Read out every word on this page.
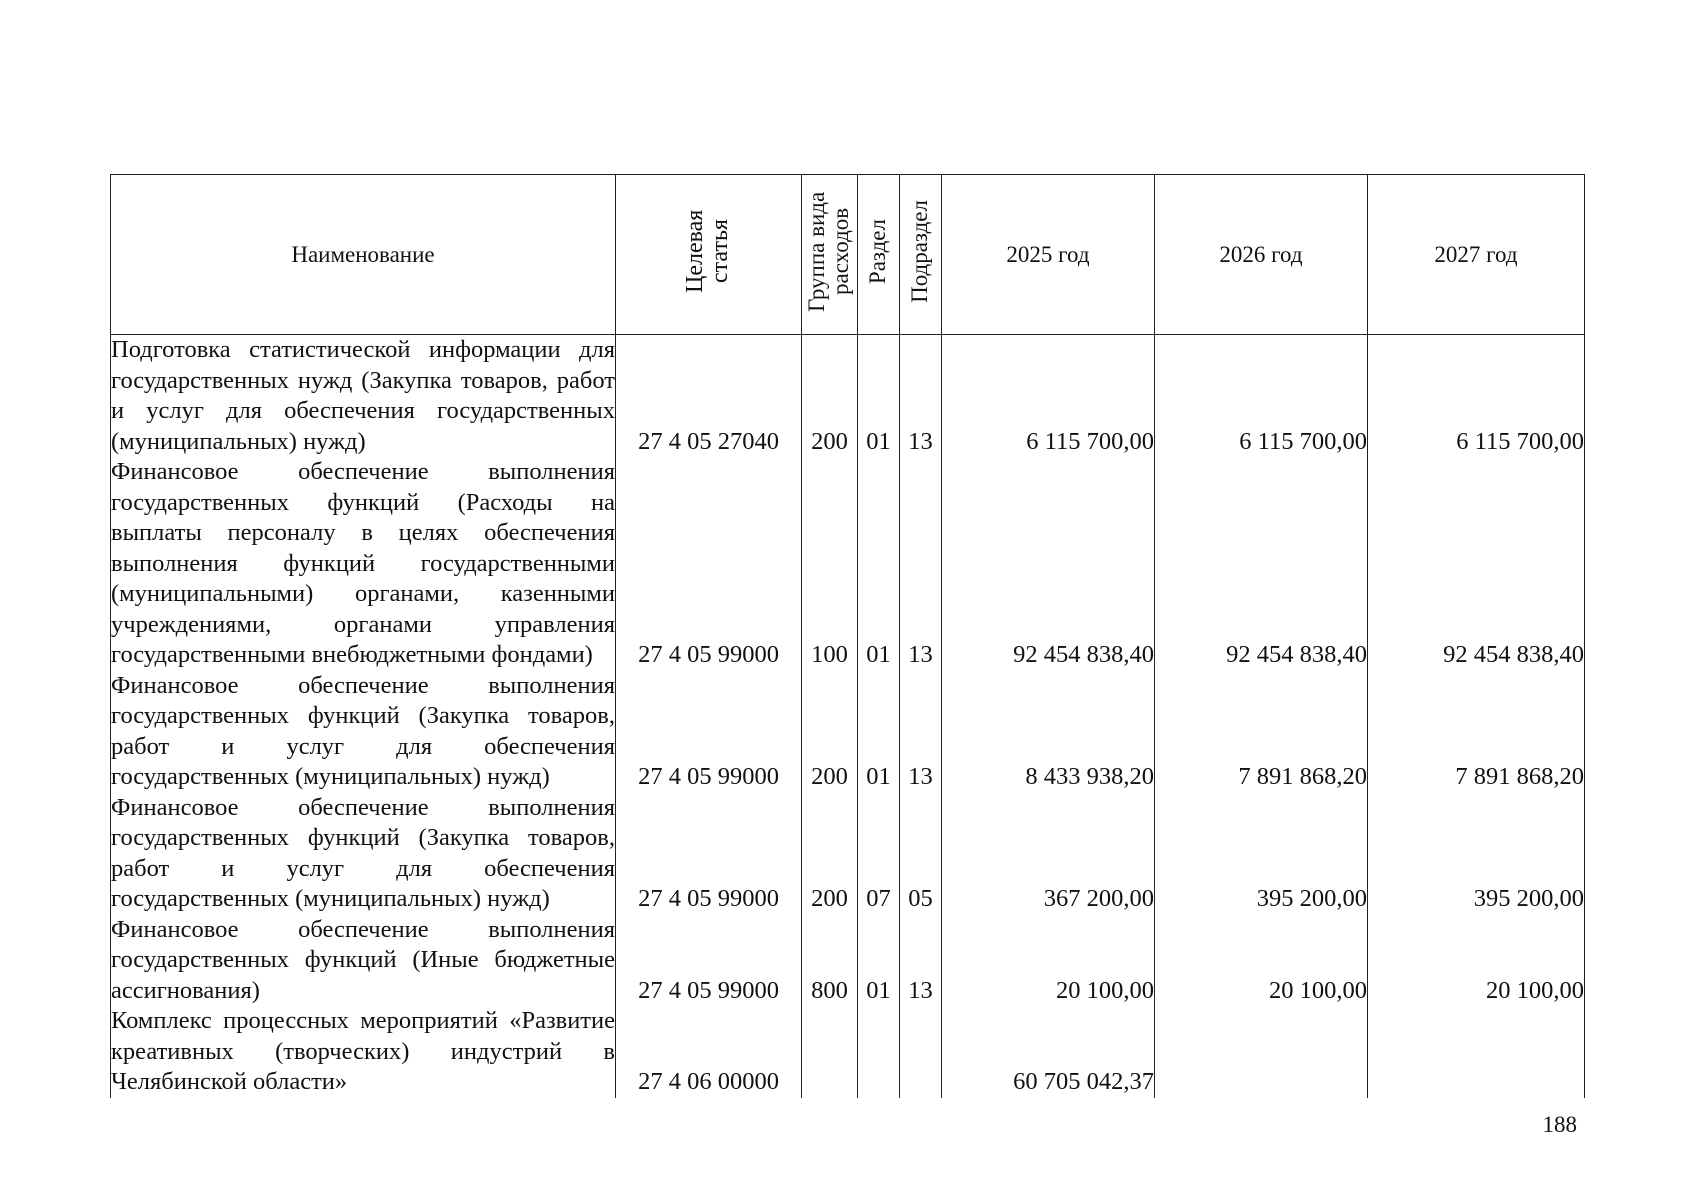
Наименование	Целевая статья	Группа вида расходов	Раздел	Подраздел	2025 год	2026 год	2027 год
Подготовка статистической информации для государственных нужд (Закупка товаров, работ и услуг для обеспечения государственных (муниципальных) нужд)	27 4 05 27040	200	01	13	6 115 700,00	6 115 700,00	6 115 700,00
Финансовое обеспечение выполнения государственных функций (Расходы на выплаты персоналу в целях обеспечения выполнения функций государственными (муниципальными) органами, казенными учреждениями, органами управления государственными внебюджетными фондами)	27 4 05 99000	100	01	13	92 454 838,40	92 454 838,40	92 454 838,40
Финансовое обеспечение выполнения государственных функций (Закупка товаров, работ и услуг для обеспечения государственных (муниципальных) нужд)	27 4 05 99000	200	01	13	8 433 938,20	7 891 868,20	7 891 868,20
Финансовое обеспечение выполнения государственных функций (Закупка товаров, работ и услуг для обеспечения государственных (муниципальных) нужд)	27 4 05 99000	200	07	05	367 200,00	395 200,00	395 200,00
Финансовое обеспечение выполнения государственных функций (Иные бюджетные ассигнования)	27 4 05 99000	800	01	13	20 100,00	20 100,00	20 100,00
Комплекс процессных мероприятий «Развитие креативных (творческих) индустрий в Челябинской области»	27 4 06 00000				60 705 042,37		
188
